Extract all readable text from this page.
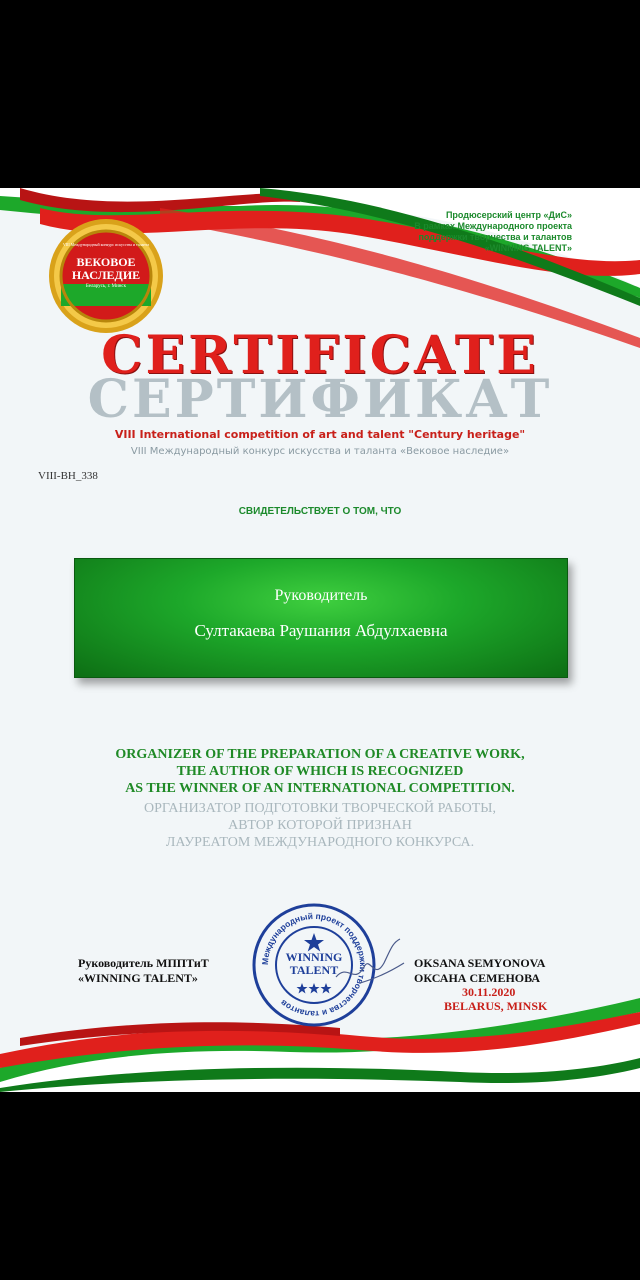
VIII Международный конкурс искусства и таланта
ВЕКОВОЕ
НАСЛЕДИЕ
Беларусь, г. Минск
Продюсерский центр «ДиС»
В рамках Международного проекта
поддержки творчества и талантов
«WINNING TALENT»
CERTIFICATE
СЕРТИФИКАТ
VIII International competition of art and talent "Century heritage"
VIII Международный конкурс искусства и таланта «Вековое наследие»
VIII-ВН_338
СВИДЕТЕЛЬСТВУЕТ О ТОМ, ЧТО
Руководитель
Султакаева Раушания Абдулхаевна
ORGANIZER OF THE PREPARATION OF A CREATIVE WORK,
THE AUTHOR OF WHICH IS RECOGNIZED
AS THE WINNER OF AN INTERNATIONAL COMPETITION.
ОРГАНИЗАТОР ПОДГОТОВКИ ТВОРЧЕСКОЙ РАБОТЫ,
АВТОР КОТОРОЙ ПРИЗНАН
ЛАУРЕАТОМ МЕЖДУНАРОДНОГО КОНКУРСА.
Руководитель МППТиТ
«WINNING TALENT»
Международный проект поддержки творчества и талантов
WINNING
TALENT	OKSANA SEMYONOVA
ОКСАНА СЕМЕНОВА
30.11.2020
BELARUS, MINSK
